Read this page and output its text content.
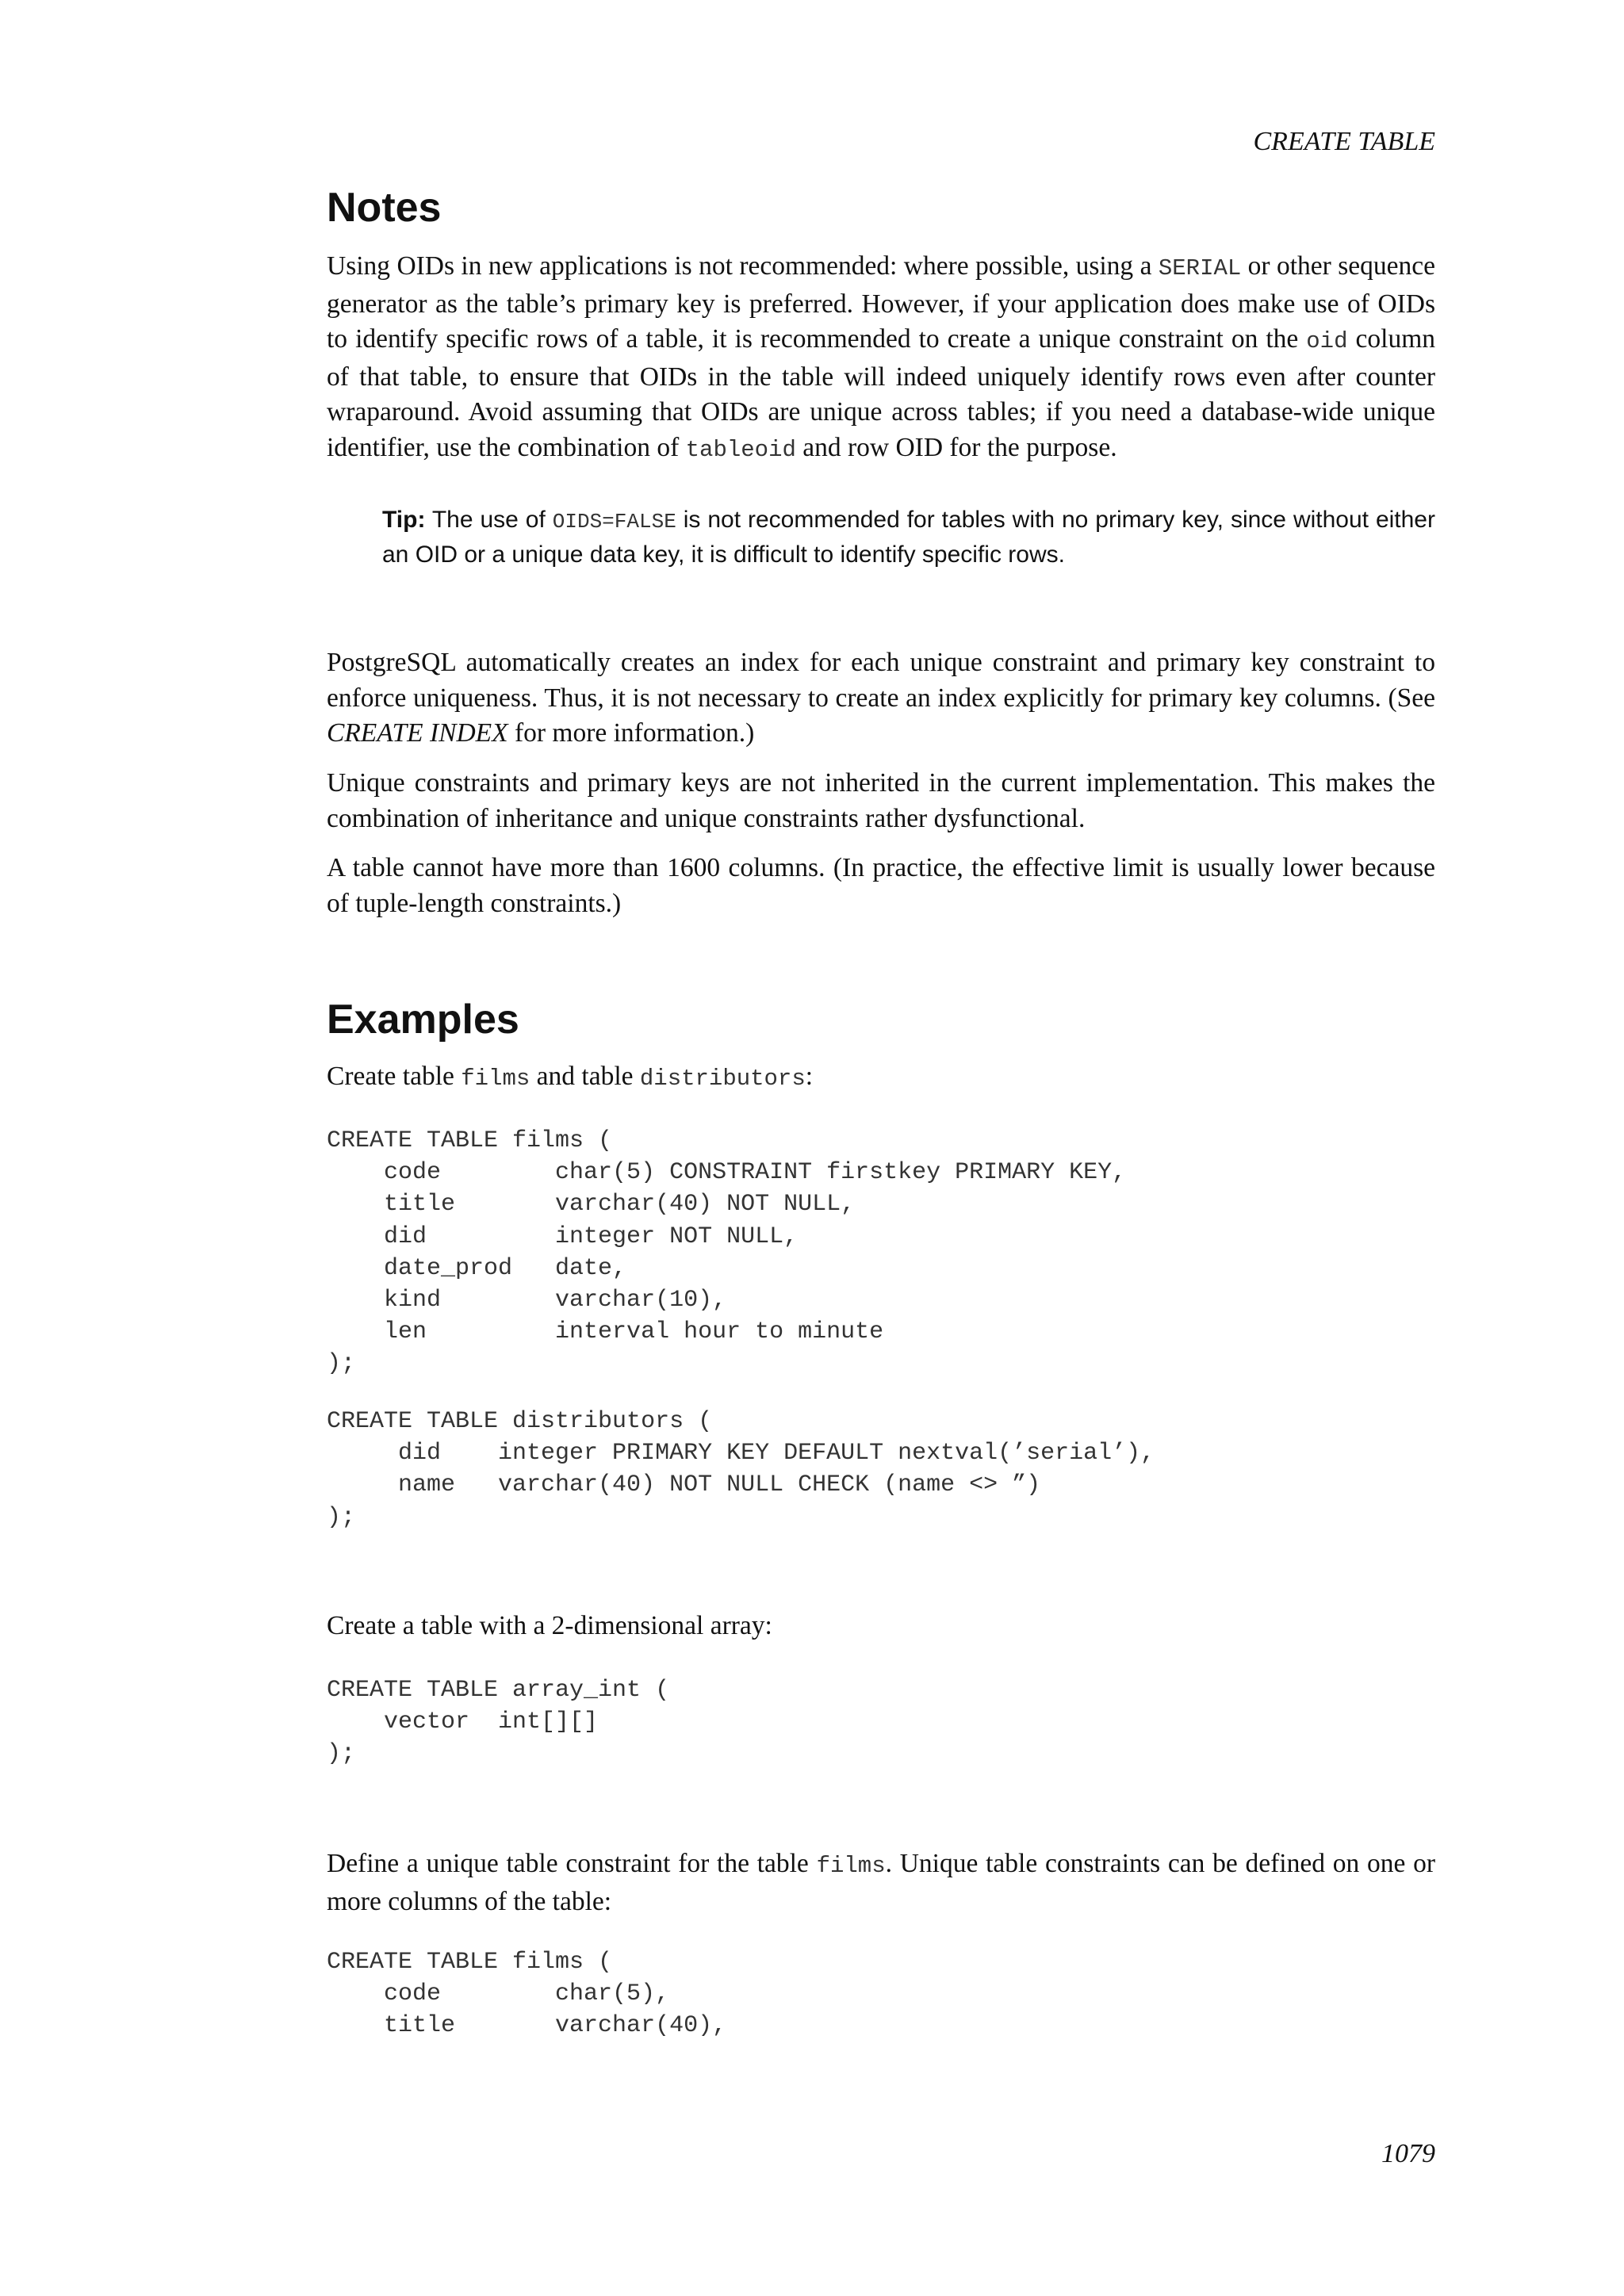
CREATE TABLE
Notes

Using OIDs in new applications is not recommended: where possible, using a SERIAL or other sequence generator as the table’s primary key is preferred. However, if your application does make use of OIDs to identify specific rows of a table, it is recommended to create a unique constraint on the oid column of that table, to ensure that OIDs in the table will indeed uniquely identify rows even after counter wraparound. Avoid assuming that OIDs are unique across tables; if you need a database-wide unique identifier, use the combination of tableoid and row OID for the purpose.

Tip: The use of OIDS=FALSE is not recommended for tables with no primary key, since without either an OID or a unique data key, it is difficult to identify specific rows.

PostgreSQL automatically creates an index for each unique constraint and primary key constraint to enforce uniqueness. Thus, it is not necessary to create an index explicitly for primary key columns. (See CREATE INDEX for more information.)

Unique constraints and primary keys are not inherited in the current implementation. This makes the combination of inheritance and unique constraints rather dysfunctional.

A table cannot have more than 1600 columns. (In practice, the effective limit is usually lower because of tuple-length constraints.)

Examples

Create table films and table distributors:

CREATE TABLE films (
code        char(5) CONSTRAINT firstkey PRIMARY KEY,
title       varchar(40) NOT NULL,
did         integer NOT NULL,
date_prod   date,
kind        varchar(10),
len         interval hour to minute
);
CREATE TABLE distributors (
did    integer PRIMARY KEY DEFAULT nextval(’serial’),
name   varchar(40) NOT NULL CHECK (name <> ”)
);

Create a table with a 2-dimensional array:

CREATE TABLE array_int (
vector  int[][]
);

Define a unique table constraint for the table films. Unique table constraints can be defined on one or more columns of the table:

CREATE TABLE films (
code        char(5),
title       varchar(40),
1079
